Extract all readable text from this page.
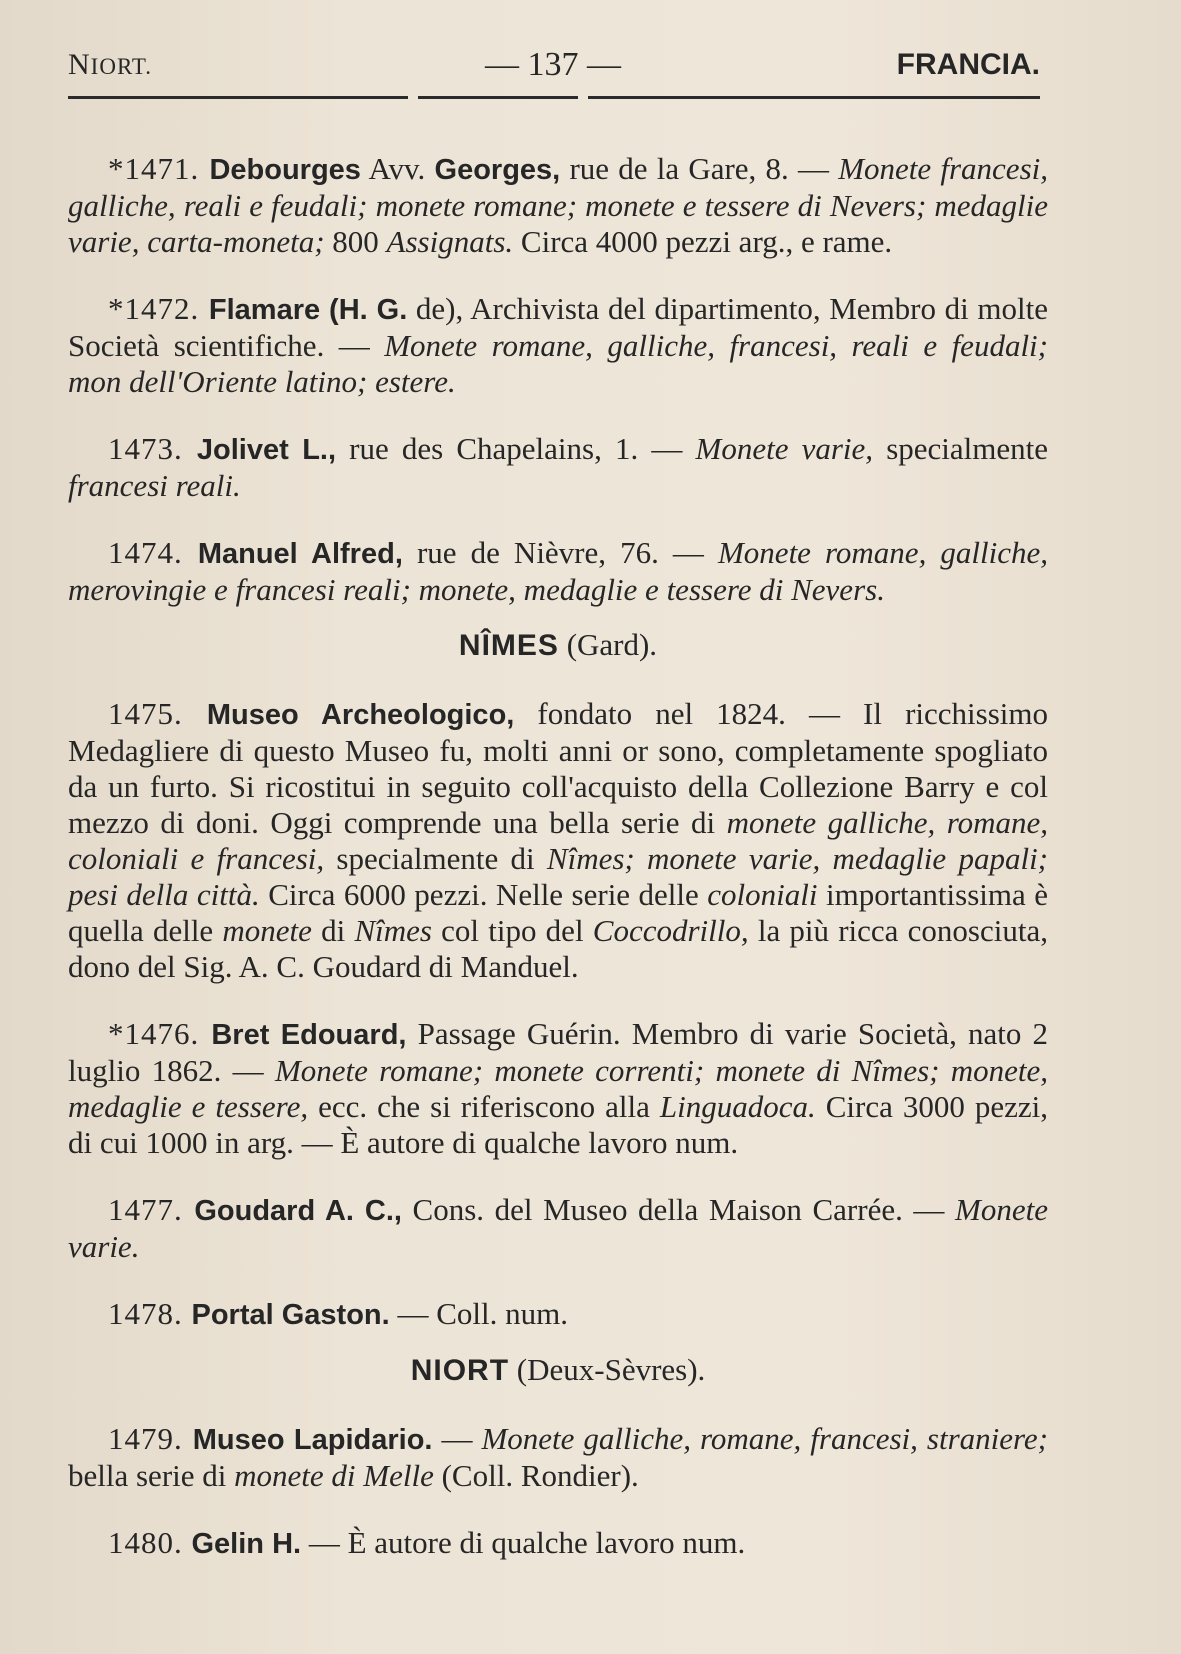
NIORT.	— 137 —	FRANCIA.

*1471. Debourges Avv. Georges, rue de la Gare, 8. — Monete francesi, galliche, reali e feudali; monete romane; monete e tessere di Nevers; medaglie varie, carta-moneta; 800 Assignats. Circa 4000 pezzi arg., e rame.

*1472. Flamare (H. G. de), Archivista del dipartimento, Membro di molte Società scientifiche. — Monete romane, galliche, francesi, reali e feudali; mon dell'Oriente latino; estere.

1473. Jolivet L., rue des Chapelains, 1. — Monete varie, specialmente francesi reali.

1474. Manuel Alfred, rue de Nièvre, 76. — Monete romane, galliche, merovingie e francesi reali; monete, medaglie e tessere di Nevers.

NÎMES (Gard).

1475. Museo Archeologico, fondato nel 1824. — Il ricchissimo Medagliere di questo Museo fu, molti anni or sono, completamente spogliato da un furto. Si ricostitui in seguito coll'acquisto della Collezione Barry e col mezzo di doni. Oggi comprende una bella serie di monete galliche, romane, coloniali e francesi, specialmente di Nîmes; monete varie, medaglie papali; pesi della città. Circa 6000 pezzi. Nelle serie delle coloniali importantissima è quella delle monete di Nîmes col tipo del Coccodrillo, la più ricca conosciuta, dono del Sig. A. C. Goudard di Manduel.

*1476. Bret Edouard, Passage Guérin. Membro di varie Società, nato 2 luglio 1862. — Monete romane; monete correnti; monete di Nîmes; monete, medaglie e tessere, ecc. che si riferiscono alla Linguadoca. Circa 3000 pezzi, di cui 1000 in arg. — È autore di qualche lavoro num.

1477. Goudard A. C., Cons. del Museo della Maison Carrée. — Monete varie.

1478. Portal Gaston. — Coll. num.

NIORT (Deux-Sèvres).

1479. Museo Lapidario. — Monete galliche, romane, francesi, straniere; bella serie di monete di Melle (Coll. Rondier).

1480. Gelin H. — È autore di qualche lavoro num.
